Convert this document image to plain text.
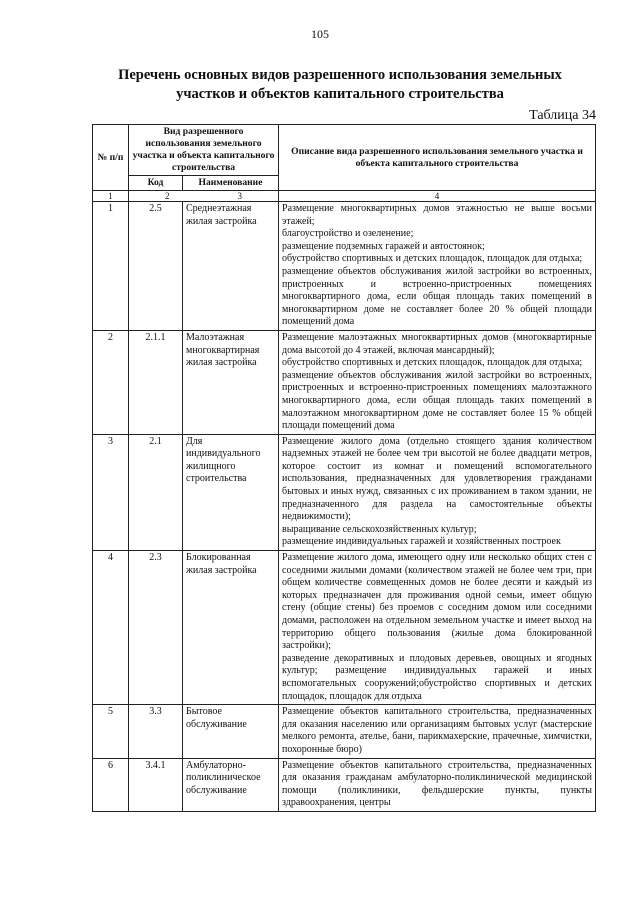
105
Перечень основных видов разрешенного использования земельных
участков и объектов капитального строительства
Таблица 34
№ п/п	Вид разрешенного использования земельного участка и объекта капитального строительства		Описание вида разрешенного использования земельного участка и объекта капитального строительства
	Код	Наименование	
1	2 3		4
1	2.5	Среднеэтажная жилая застройка	Размещение многоквартирных домов этажностью не выше восьми этажей;
благоустройство и озеленение;
размещение подземных гаражей и автостоянок;
обустройство спортивных и детских площадок, площадок для отдыха;
размещение объектов обслуживания жилой застройки во встроенных, пристроенных и встроенно-пристроенных помещениях многоквартирного дома, если общая площадь таких помещений в многоквартирном доме не составляет более 20 % общей площади помещений дома

2	2.1.1	Малоэтажная многоквартирная жилая застройка	Размещение малоэтажных многоквартирных домов (многоквартирные дома высотой до 4 этажей, включая мансардный);
обустройство спортивных и детских площадок, площадок для отдыха;
размещение объектов обслуживания жилой застройки во встроенных, пристроенных и встроенно-пристроенных помещениях малоэтажного многоквартирного дома, если общая площадь таких помещений в малоэтажном многоквартирном доме не составляет более 15 % общей площади помещений дома

3	2.1	Для индивидуального жилищного строительства	Размещение жилого дома (отдельно стоящего здания количеством надземных этажей не более чем три высотой не более двадцати метров, которое состоит из комнат и помещений вспомогательного использования, предназначенных для удовлетворения гражданами бытовых и иных нужд, связанных с их проживанием в таком здании, не предназначенного для раздела на самостоятельные объекты недвижимости);
выращивание сельскохозяйственных культур;
размещение индивидуальных гаражей и хозяйственных построек

4	2.3	Блокированная жилая застройка	Размещение жилого дома, имеющего одну или несколько общих стен с соседними жилыми домами (количеством этажей не более чем три, при общем количестве совмещенных домов не более десяти и каждый из которых предназначен для проживания одной семьи, имеет общую стену (общие стены) без проемов с соседним домом или соседними домами, расположен на отдельном земельном участке и имеет выход на территорию общего пользования (жилые дома блокированной застройки);
разведение декоративных и плодовых деревьев, овощных и ягодных культур; размещение индивидуальных гаражей и иных вспомогательных сооружений;обустройство спортивных и детских площадок, площадок для отдыха

5	3.3	Бытовое обслуживание	Размещение объектов капитального строительства, предназначенных для оказания населению или организациям бытовых услуг (мастерские мелкого ремонта, ателье, бани, парикмахерские, прачечные, химчистки, похоронные бюро)

6	3.4.1	Амбулаторно-поликлиническое обслуживание	Размещение объектов капитального строительства, предназначенных для оказания гражданам амбулаторно-поликлинической медицинской помощи (поликлиники, фельдшерские пункты, пункты здравоохранения, центры
